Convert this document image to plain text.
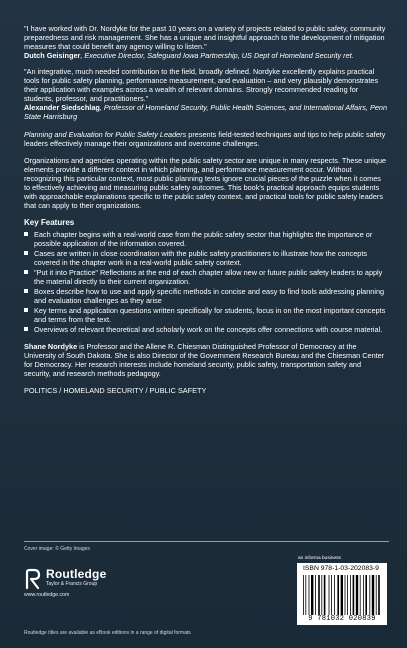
"I have worked with Dr. Nordyke for the past 10 years on a variety of projects related to public safety, community preparedness and risk management. She has a unique and insightful approach to the development of mitigation measures that could benefit any agency willing to listen."
Dutch Geisinger, Executive Director, Safeguard Iowa Partnership, US Dept of Homeland Security ret.

"An integrative, much needed contribution to the field, broadly defined. Nordyke excellently explains practical tools for public safety planning, performance measurement, and evaluation – and very plausibly demonstrates their application with examples across a wealth of relevant domains. Strongly recommended reading for students, professor, and practitioners."
Alexander Siedschlag, Professor of Homeland Security, Public Health Sciences, and International Affairs, Penn State Harrisburg

Planning and Evaluation for Public Safety Leaders presents field-tested techniques and tips to help public safety leaders effectively manage their organizations and overcome challenges.

Organizations and agencies operating within the public safety sector are unique in many respects. These unique elements provide a different context in which planning, and performance measurement occur. Without recognizing this particular context, most public planning texts ignore crucial pieces of the puzzle when it comes to effectively achieving and measuring public safety outcomes. This book's practical approach equips students with approachable explanations specific to the public safety context, and practical tools for public safety leaders that can apply to their organizations.

Key Features

Each chapter begins with a real-world case from the public safety sector that highlights the importance or possible application of the information covered.
Cases are written in close coordination with the public safety practitioners to illustrate how the concepts covered in the chapter work in a real-world public safety context.
"Put it into Practice" Reflections at the end of each chapter allow new or future public safety leaders to apply the material directly to their current organization.
Boxes describe how to use and apply specific methods in concise and easy to find tools addressing planning and evaluation challenges as they arise
Key terms and application questions written specifically for students, focus in on the most important concepts and terms from the text.
Overviews of relevant theoretical and scholarly work on the concepts offer connections with course material.

Shane Nordyke is Professor and the Allene R. Chiesman Distinguished Professor of Democracy at the University of South Dakota. She is also Director of the Government Research Bureau and the Chiesman Center for Democracy. Her research interests include homeland security, public safety, transportation safety and security, and research methods pedagogy.

POLITICS / HOMELAND SECURITY / PUBLIC SAFETY

Cover image: © Getty Images
an informa business
Routledge
Taylor & Francis Group
www.routledge.com
ISBN 978-1-03-202083-9
9 781032 020839
Routledge titles are available as eBook editions in a range of digital formats
